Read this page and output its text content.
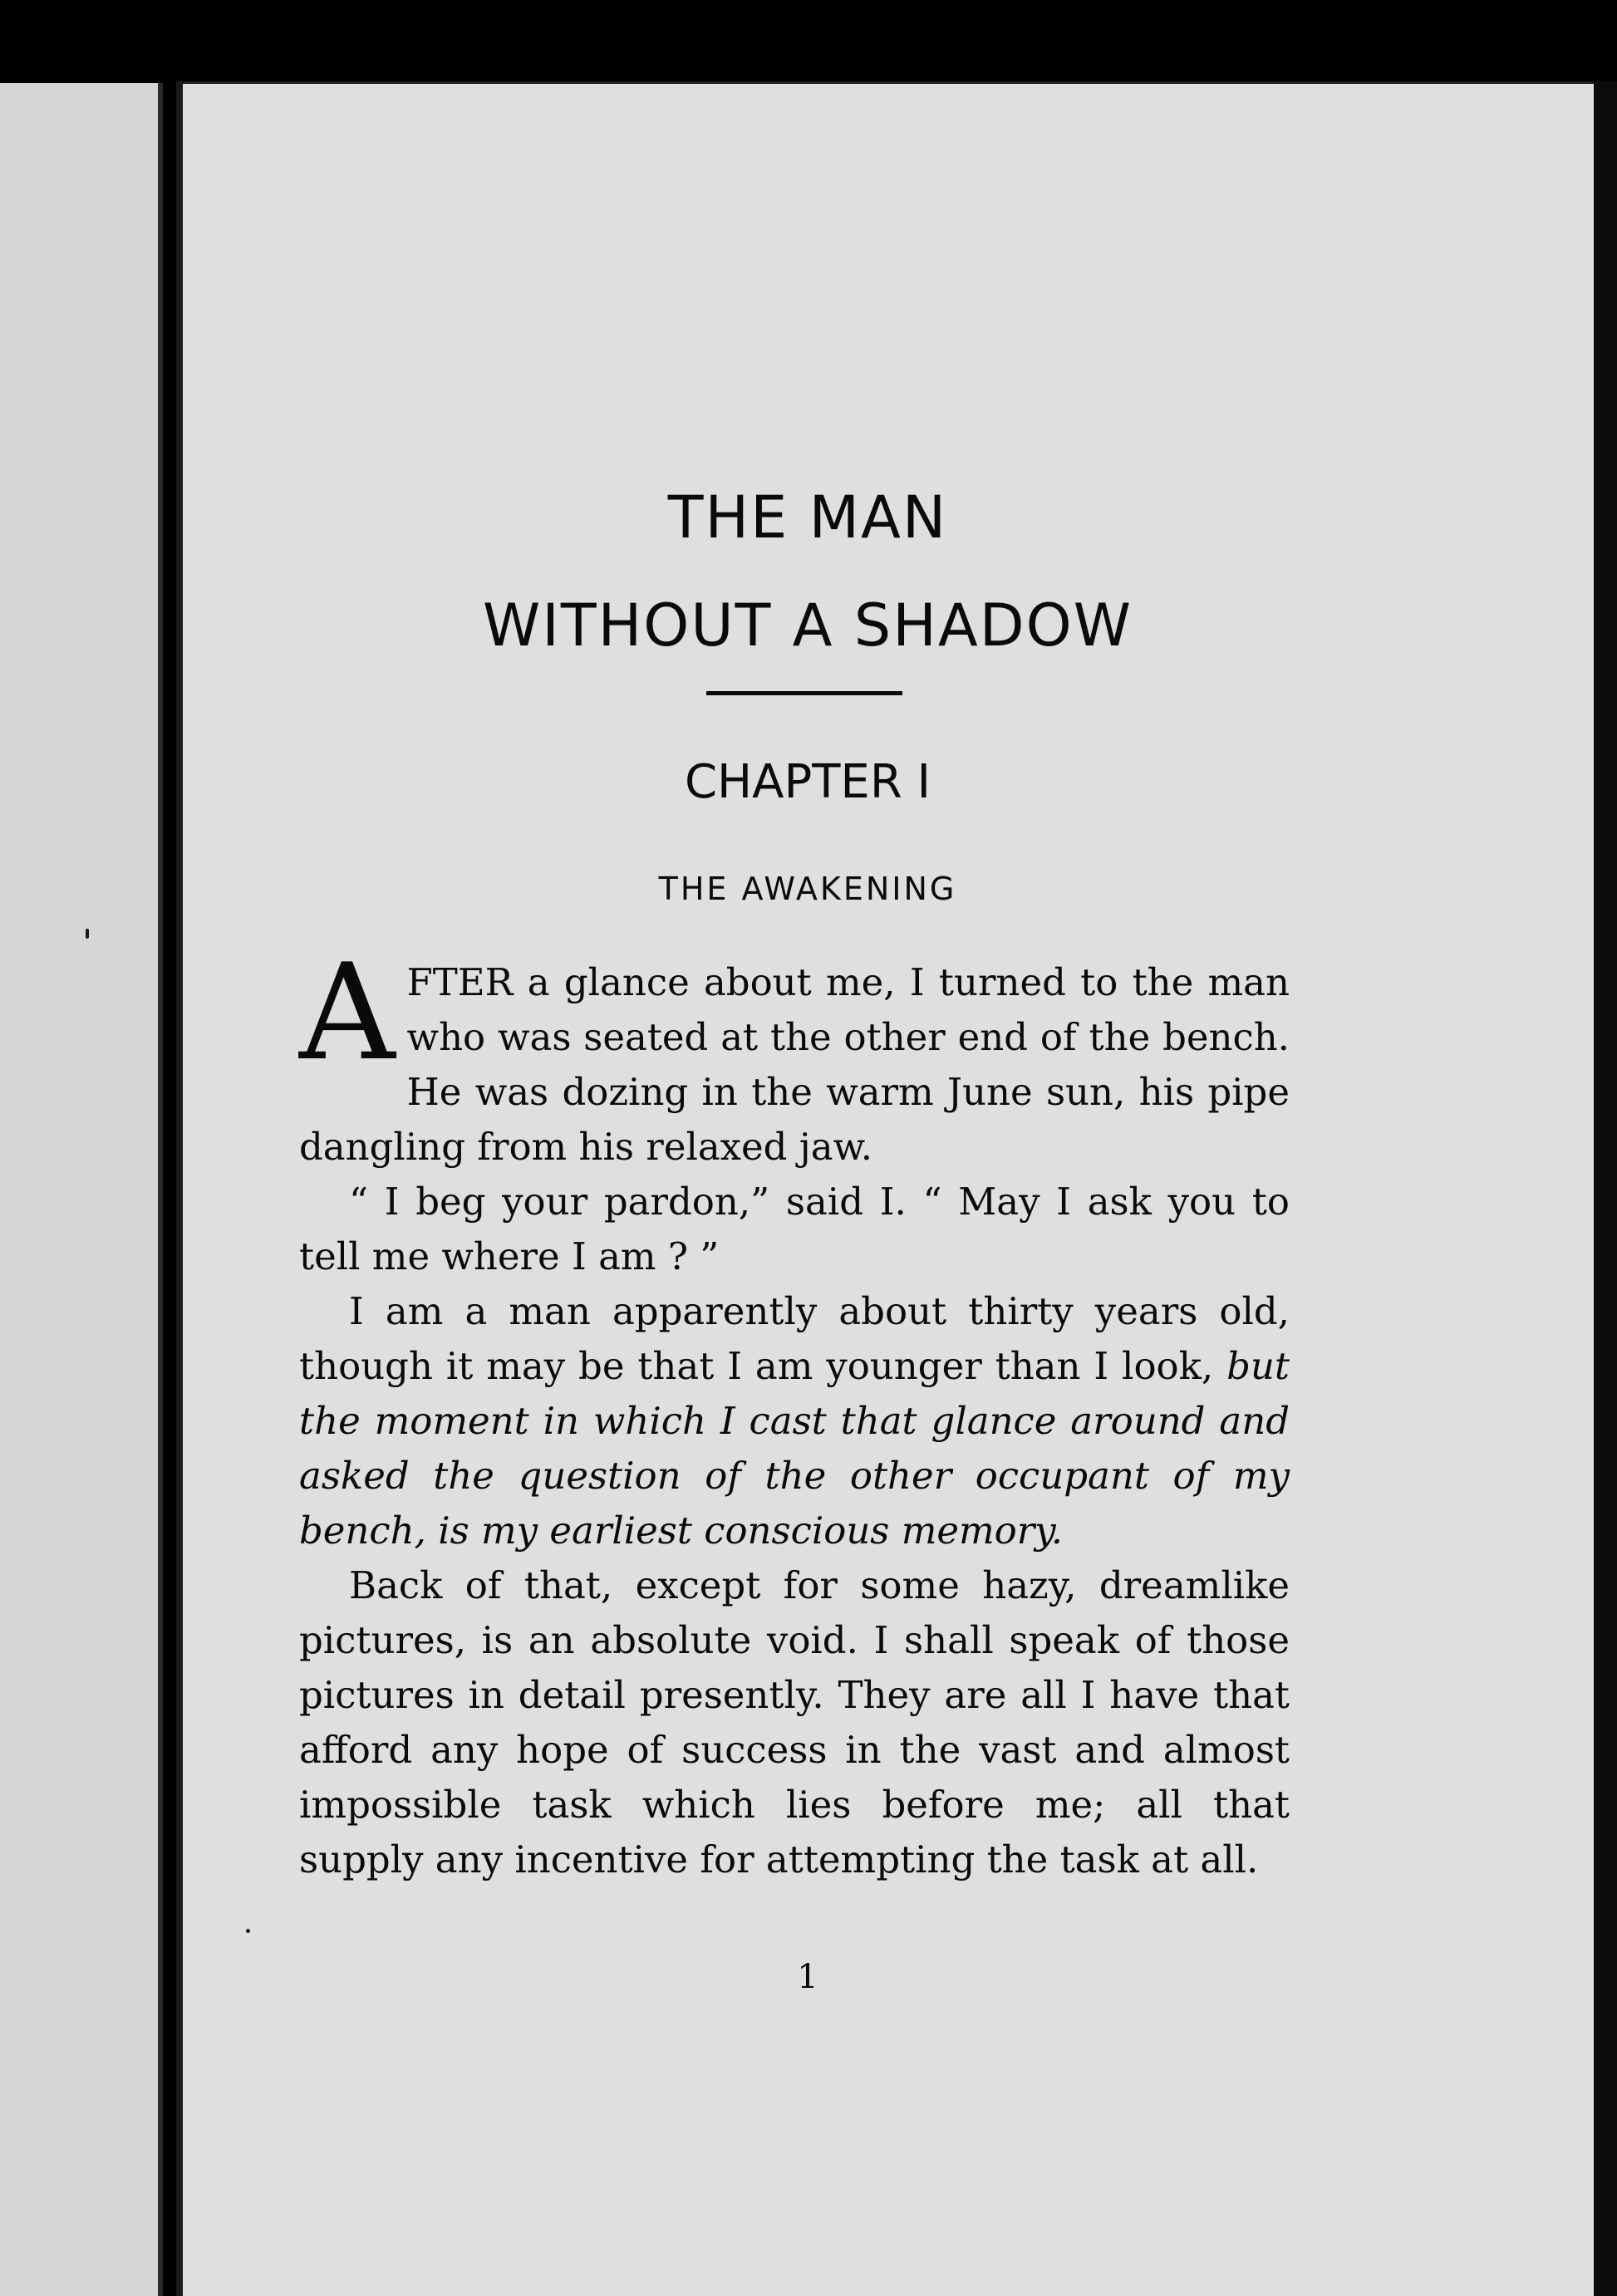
THE MAN
WITHOUT A SHADOW
CHAPTER I
THE AWAKENING

AFTER a glance about me, I turned to the man who was seated at the other end of the bench. He was dozing in the warm June sun, his pipe dangling from his relaxed jaw.

“ I beg your pardon,” said I. “ May I ask you to tell me where I am ? ”

I am a man apparently about thirty years old, though it may be that I am younger than I look, but the moment in which I cast that glance around and asked the question of the other occupant of my bench, is my earliest conscious memory.

Back of that, except for some hazy, dreamlike pictures, is an absolute void. I shall speak of those pictures in detail presently. They are all I have that afford any hope of success in the vast and almost impossible task which lies before me; all that supply any incentive for attempting the task at all.

1
